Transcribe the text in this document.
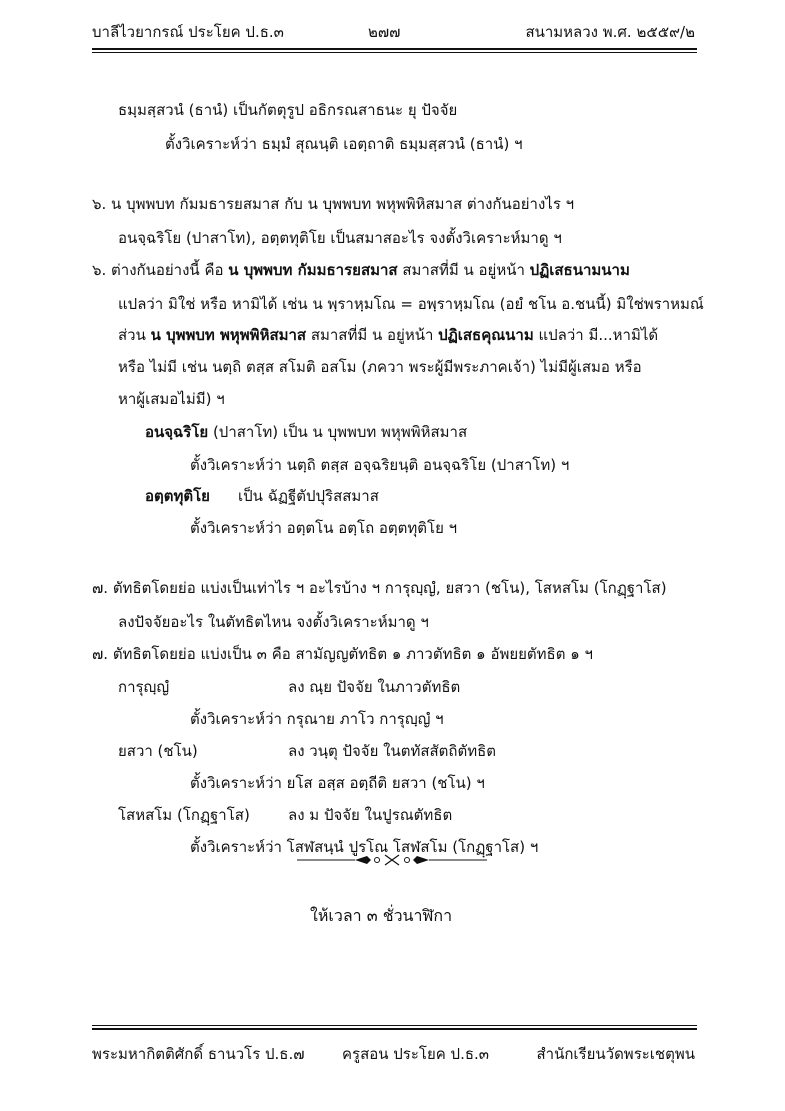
บาลีไวยากรณ์ ประโยค ป.ธ.๓	๒๗๗	สนามหลวง พ.ศ. ๒๕๕๙/๒
ธมฺมสฺสวนํ (ธานํ) เป็นกัตตุรูป อธิกรณสาธนะ ยุ ปัจจัย
ตั้งวิเคราะห์ว่า ธมฺมํ สุณนฺติ เอตฺถาติ ธมฺมสฺสวนํ (ธานํ) ฯ
๖. น บุพพบท กัมมธารยสมาส กับ น บุพพบท พหุพพิหิสมาส ต่างกันอย่างไร ฯ
อนจฺฉริโย (ปาสาโท), อตฺตทุติโย เป็นสมาสอะไร จงตั้งวิเคราะห์มาดู ฯ
๖. ต่างกันอย่างนี้ คือ น บุพพบท กัมมธารยสมาส สมาสที่มี น อยู่หน้า ปฏิเสธนามนาม
แปลว่า มิใช่ หรือ หามิได้ เช่น น พฺราหฺมโณ = อพฺราหฺมโณ (อยํ ชโน อ.ชนนี้) มิใช่พราหมณ์
ส่วน น บุพพบท พหุพพิหิสมาส สมาสที่มี น อยู่หน้า ปฏิเสธคุณนาม แปลว่า มี...หามิได้
หรือ ไม่มี เช่น นตฺถิ ตสฺส สโมติ อสโม (ภควา พระผู้มีพระภาคเจ้า) ไม่มีผู้เสมอ หรือ
หาผู้เสมอไม่มี) ฯ
อนจฺฉริโย (ปาสาโท) เป็น น บุพพบท พหุพพิหิสมาส
ตั้งวิเคราะห์ว่า นตฺถิ ตสฺส อจฺฉริยนฺติ อนจฺฉริโย (ปาสาโท) ฯ
อตฺตทุติโย เป็น ฉัฏฐีตัปปุริสสมาส
ตั้งวิเคราะห์ว่า อตฺตโน อตฺโถ อตฺตทุติโย ฯ
๗. ตัทธิตโดยย่อ แบ่งเป็นเท่าไร ฯ อะไรบ้าง ฯ การุญฺญํ, ยสวา (ชโน), โสหสโม (โกฏฺฐาโส)
ลงปัจจัยอะไร ในตัทธิตไหน จงตั้งวิเคราะห์มาดู ฯ
๗. ตัทธิตโดยย่อ แบ่งเป็น ๓ คือ สามัญญตัทธิต ๑ ภาวตัทธิต ๑ อัพยยตัทธิต ๑ ฯ
การุญฺญํ	ลง ณฺย ปัจจัย ในภาวตัทธิต
ตั้งวิเคราะห์ว่า กรุณาย ภาโว การุญฺญํ ฯ
ยสวา (ชโน)	ลง วนฺตุ ปัจจัย ในตทัสสัตถิตัทธิต
ตั้งวิเคราะห์ว่า ยโส อสฺส อตฺถีติ ยสวา (ชโน) ฯ
โสหสโม (โกฏฺฐาโส)	ลง ม ปัจจัย ในปูรณตัทธิต
ตั้งวิเคราะห์ว่า โสฬสนฺนํ ปูรโณ โสฬสโม (โกฏฺฐาโส) ฯ
ให้เวลา ๓ ชั่วนาฬิกา
พระมหากิตติศักดิ์ ธานวโร ป.ธ.๗ ครูสอน ประโยค ป.ธ.๓	สำนักเรียนวัดพระเชตุพน
